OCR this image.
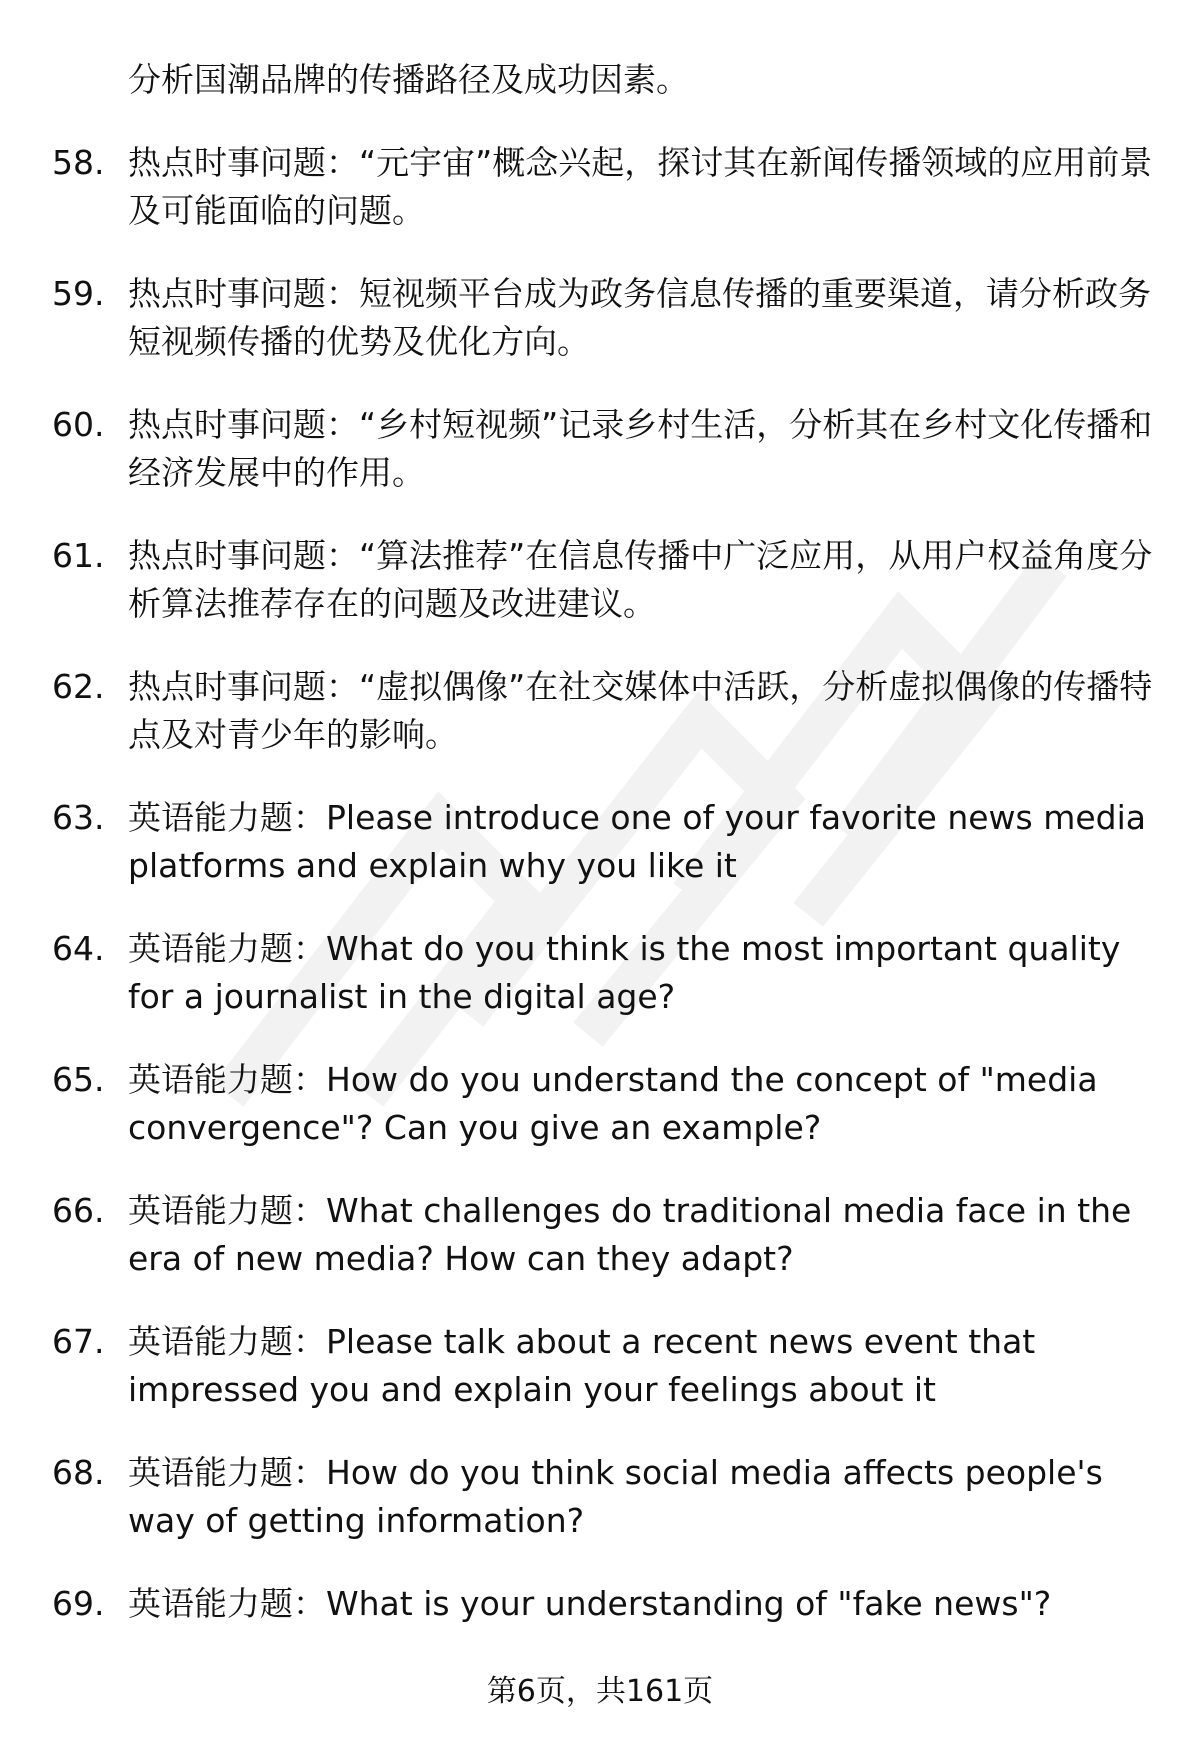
分析国潮品牌的传播路径及成功因素。
58. 热点时事问题：“元宇宙”概念兴起，探讨其在新闻传播领域的应用前景及可能面临的问题。
59. 热点时事问题：短视频平台成为政务信息传播的重要渠道，请分析政务短视频传播的优势及优化方向。
60. 热点时事问题：“乡村短视频”记录乡村生活，分析其在乡村文化传播和经济发展中的作用。
61. 热点时事问题：“算法推荐”在信息传播中广泛应用，从用户权益角度分析算法推荐存在的问题及改进建议。
62. 热点时事问题：“虚拟偶像”在社交媒体中活跃，分析虚拟偶像的传播特点及对青少年的影响。
63. 英语能力题：Please introduce one of your favorite news media platforms and explain why you like it
64. 英语能力题：What do you think is the most important quality for a journalist in the digital age?
65. 英语能力题：How do you understand the concept of "media convergence"? Can you give an example?
66. 英语能力题：What challenges do traditional media face in the era of new media? How can they adapt?
67. 英语能力题：Please talk about a recent news event that impressed you and explain your feelings about it
68. 英语能力题：How do you think social media affects people's way of getting information?
69. 英语能力题：What is your understanding of "fake news"?
第6页，共161页
